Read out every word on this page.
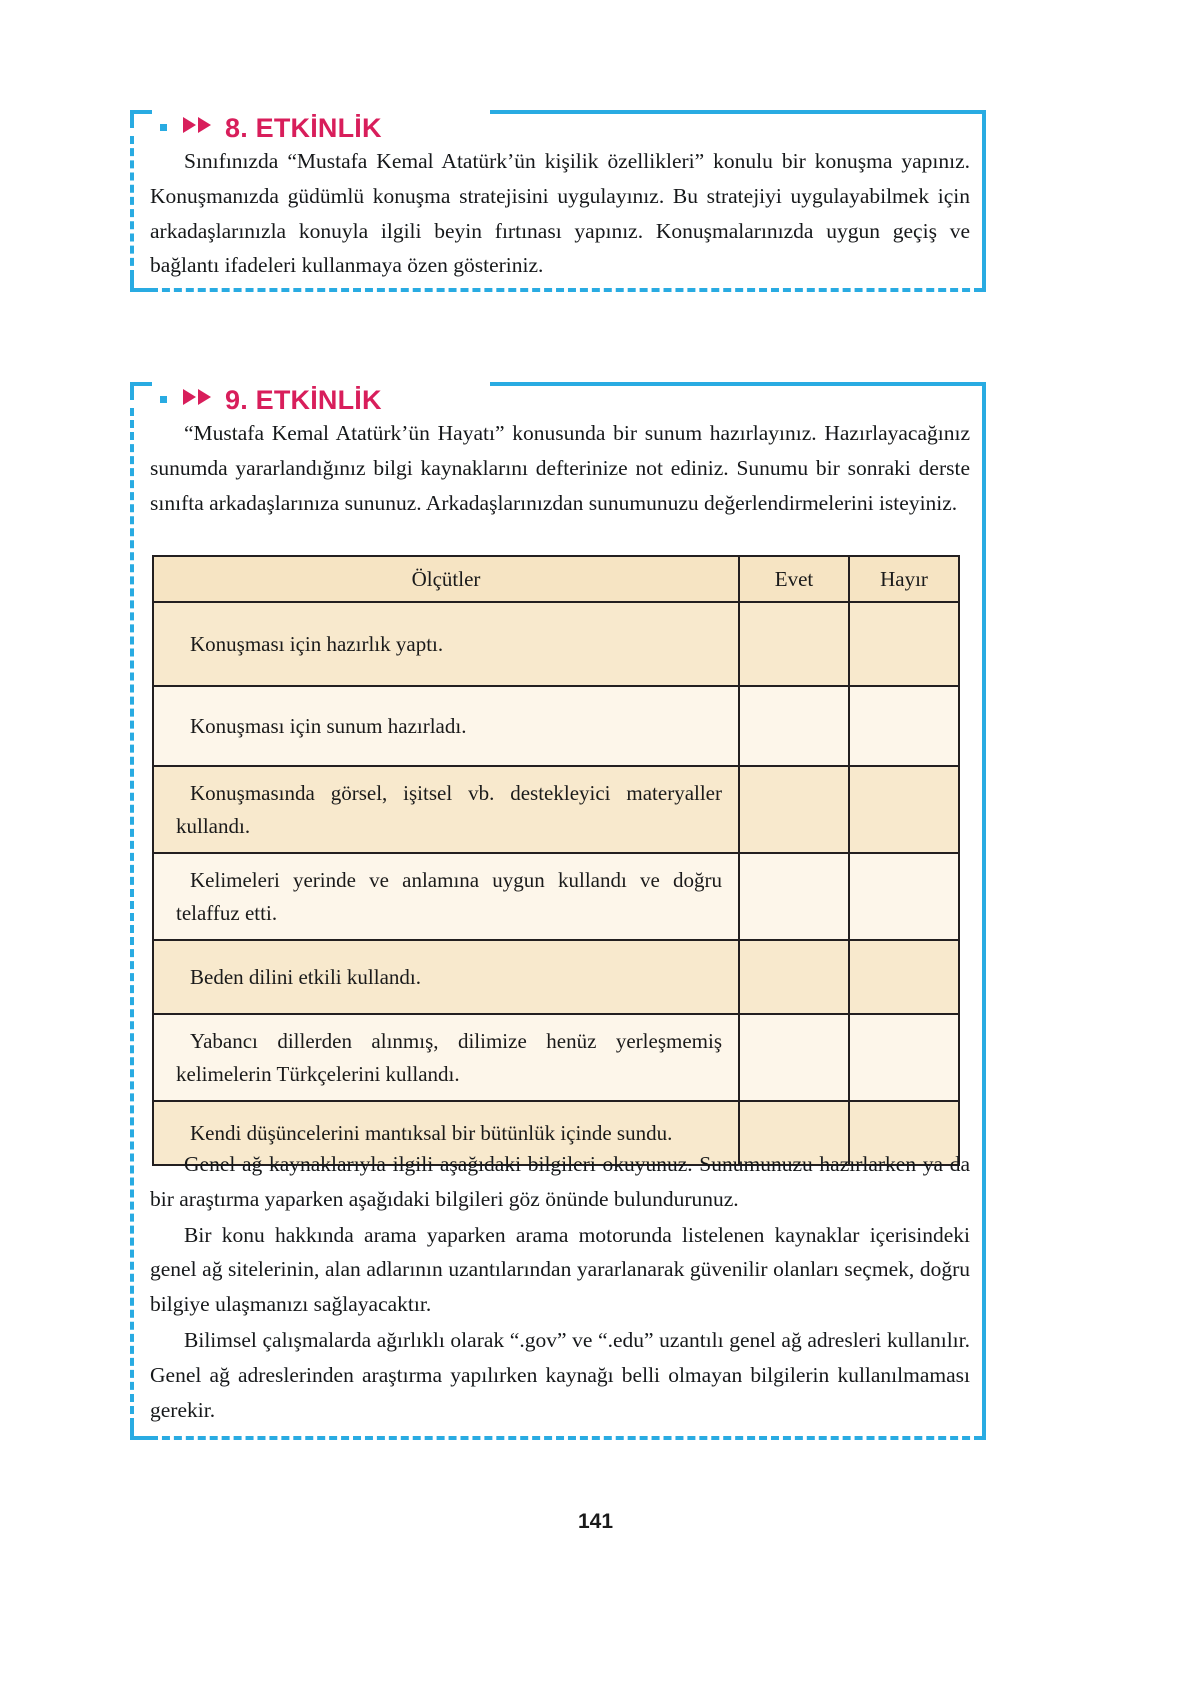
8. ETKİNLİK

Sınıfınızda “Mustafa Kemal Atatürk’ün kişilik özellikleri” konulu bir konuşma yapınız. Konuşmanızda güdümlü konuşma stratejisini uygulayınız. Bu stratejiyi uygulayabilmek için arkadaşlarınızla konuyla ilgili beyin fırtınası yapınız. Konuşmalarınızda uygun geçiş ve bağlantı ifadeleri kullanmaya özen gösteriniz.

9. ETKİNLİK

“Mustafa Kemal Atatürk’ün Hayatı” konusunda bir sunum hazırlayınız. Hazırlayacağınız sunumda yararlandığınız bilgi kaynaklarını defterinize not ediniz. Sunumu bir sonraki derste sınıfta arkadaşlarınıza sununuz. Arkadaşlarınızdan sunumunuzu değerlendirmelerini isteyiniz.

Ölçütler	Evet	Hayır
Konuşması için hazırlık yaptı.		
Konuşması için sunum hazırladı.		
Konuşmasında görsel, işitsel vb. destekleyici materyaller kullandı.		
Kelimeleri yerinde ve anlamına uygun kullandı ve doğru telaffuz etti.		
Beden dilini etkili kullandı.		
Yabancı dillerden alınmış, dilimize henüz yerleşmemiş kelimelerin Türkçelerini kullandı.		
Kendi düşüncelerini mantıksal bir bütünlük içinde sundu.		

Genel ağ kaynaklarıyla ilgili aşağıdaki bilgileri okuyunuz. Sunumunuzu hazırlarken ya da bir araştırma yaparken aşağıdaki bilgileri göz önünde bulundurunuz.

Bir konu hakkında arama yaparken arama motorunda listelenen kaynaklar içerisindeki genel ağ sitelerinin, alan adlarının uzantılarından yararlanarak güvenilir olanları seçmek, doğru bilgiye ulaşmanızı sağlayacaktır.

Bilimsel çalışmalarda ağırlıklı olarak “.gov” ve “.edu” uzantılı genel ağ adresleri kullanılır. Genel ağ adreslerinden araştırma yapılırken kaynağı belli olmayan bilgilerin kullanılmaması gerekir.

141
